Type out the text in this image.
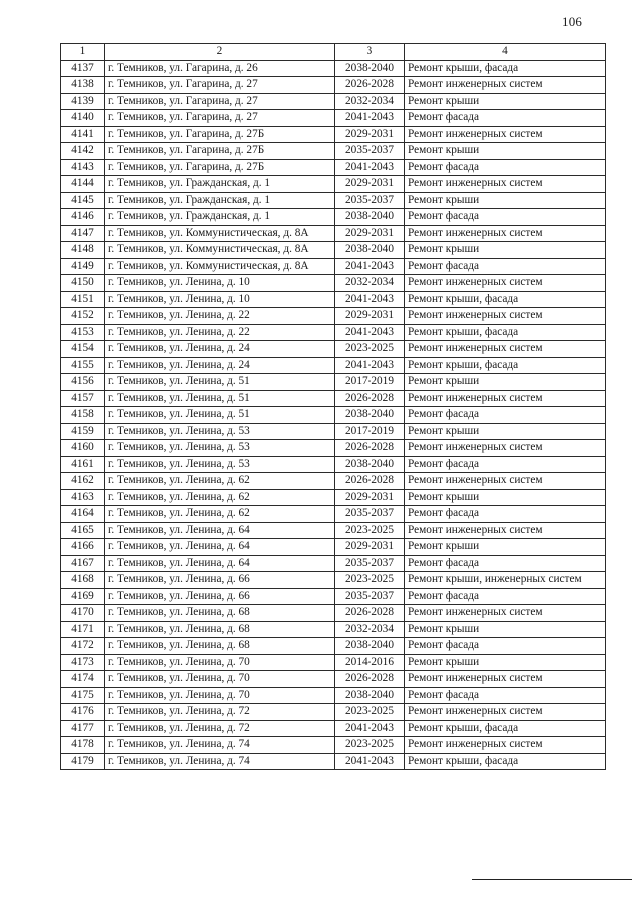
106
1	2	3	4
4137	г. Темников, ул. Гагарина, д. 26	2038-2040	Ремонт крыши, фасада
4138	г. Темников, ул. Гагарина, д. 27	2026-2028	Ремонт инженерных систем
4139	г. Темников, ул. Гагарина, д. 27	2032-2034	Ремонт крыши
4140	г. Темников, ул. Гагарина, д. 27	2041-2043	Ремонт фасада
4141	г. Темников, ул. Гагарина, д. 27Б	2029-2031	Ремонт инженерных систем
4142	г. Темников, ул. Гагарина, д. 27Б	2035-2037	Ремонт крыши
4143	г. Темников, ул. Гагарина, д. 27Б	2041-2043	Ремонт фасада
4144	г. Темников, ул. Гражданская, д. 1	2029-2031	Ремонт инженерных систем
4145	г. Темников, ул. Гражданская, д. 1	2035-2037	Ремонт крыши
4146	г. Темников, ул. Гражданская, д. 1	2038-2040	Ремонт фасада
4147	г. Темников, ул. Коммунистическая, д. 8А	2029-2031	Ремонт инженерных систем
4148	г. Темников, ул. Коммунистическая, д. 8А	2038-2040	Ремонт крыши
4149	г. Темников, ул. Коммунистическая, д. 8А	2041-2043	Ремонт фасада
4150	г. Темников, ул. Ленина, д. 10	2032-2034	Ремонт инженерных систем
4151	г. Темников, ул. Ленина, д. 10	2041-2043	Ремонт крыши, фасада
4152	г. Темников, ул. Ленина, д. 22	2029-2031	Ремонт инженерных систем
4153	г. Темников, ул. Ленина, д. 22	2041-2043	Ремонт крыши, фасада
4154	г. Темников, ул. Ленина, д. 24	2023-2025	Ремонт инженерных систем
4155	г. Темников, ул. Ленина, д. 24	2041-2043	Ремонт крыши, фасада
4156	г. Темников, ул. Ленина, д. 51	2017-2019	Ремонт крыши
4157	г. Темников, ул. Ленина, д. 51	2026-2028	Ремонт инженерных систем
4158	г. Темников, ул. Ленина, д. 51	2038-2040	Ремонт фасада
4159	г. Темников, ул. Ленина, д. 53	2017-2019	Ремонт крыши
4160	г. Темников, ул. Ленина, д. 53	2026-2028	Ремонт инженерных систем
4161	г. Темников, ул. Ленина, д. 53	2038-2040	Ремонт фасада
4162	г. Темников, ул. Ленина, д. 62	2026-2028	Ремонт инженерных систем
4163	г. Темников, ул. Ленина, д. 62	2029-2031	Ремонт крыши
4164	г. Темников, ул. Ленина, д. 62	2035-2037	Ремонт фасада
4165	г. Темников, ул. Ленина, д. 64	2023-2025	Ремонт инженерных систем
4166	г. Темников, ул. Ленина, д. 64	2029-2031	Ремонт крыши
4167	г. Темников, ул. Ленина, д. 64	2035-2037	Ремонт фасада
4168	г. Темников, ул. Ленина, д. 66	2023-2025	Ремонт крыши, инженерных систем
4169	г. Темников, ул. Ленина, д. 66	2035-2037	Ремонт фасада
4170	г. Темников, ул. Ленина, д. 68	2026-2028	Ремонт инженерных систем
4171	г. Темников, ул. Ленина, д. 68	2032-2034	Ремонт крыши
4172	г. Темников, ул. Ленина, д. 68	2038-2040	Ремонт фасада
4173	г. Темников, ул. Ленина, д. 70	2014-2016	Ремонт крыши
4174	г. Темников, ул. Ленина, д. 70	2026-2028	Ремонт инженерных систем
4175	г. Темников, ул. Ленина, д. 70	2038-2040	Ремонт фасада
4176	г. Темников, ул. Ленина, д. 72	2023-2025	Ремонт инженерных систем
4177	г. Темников, ул. Ленина, д. 72	2041-2043	Ремонт крыши, фасада
4178	г. Темников, ул. Ленина, д. 74	2023-2025	Ремонт инженерных систем
4179	г. Темников, ул. Ленина, д. 74	2041-2043	Ремонт крыши, фасада
